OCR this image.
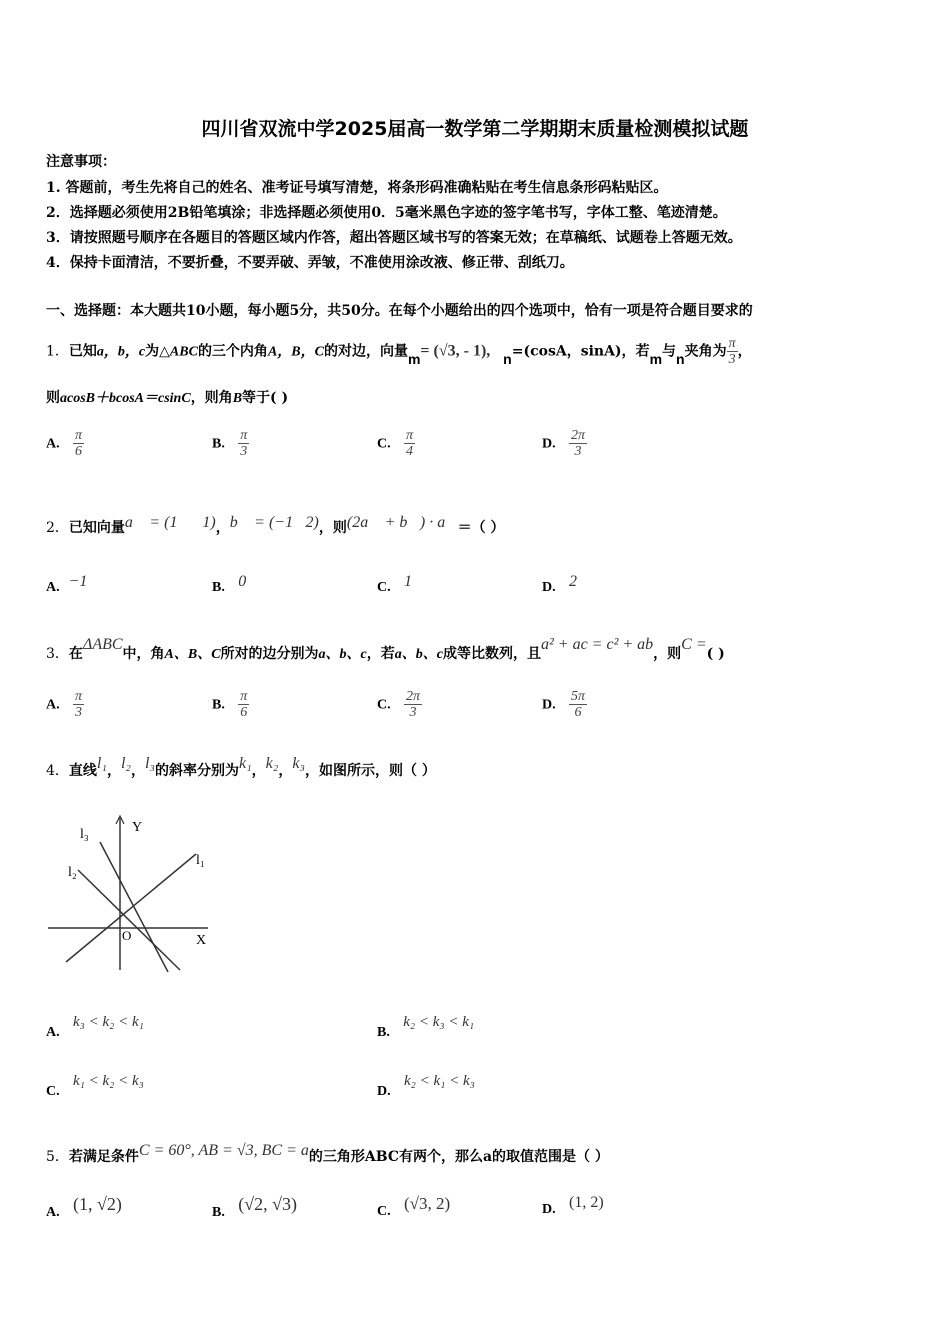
四川省双流中学2025届高一数学第二学期期末质量检测模拟试题
注意事项：
1. 答题前，考生先将自己的姓名、准考证号填写清楚，将条形码准确粘贴在考生信息条形码粘贴区。
2．选择题必须使用2B铅笔填涂；非选择题必须使用0．5毫米黑色字迹的签字笔书写，字体工整、笔迹清楚。
3．请按照题号顺序在各题目的答题区域内作答，超出答题区域书写的答案无效；在草稿纸、试题卷上答题无效。
4．保持卡面清洁，不要折叠，不要弄破、弄皱，不准使用涂改液、修正带、刮纸刀。
一、选择题：本大题共10小题，每小题5分，共50分。在每个小题给出的四个选项中，恰有一项是符合题目要求的
1．已知a，b，c为△ABC的三个内角A，B，C的对边，向量m= (√3, - 1), n=(cosA，sinA)，若m与n夹角为 $\frac{\pi}{3}$ ，
则acosB＋bcosA＝csinC，则角B等于( )
A. $\frac{\pi}{6}$	B. $\frac{\pi}{3}$	C. $\frac{\pi}{4}$	D. $\frac{2\pi}{3}$
2．已知向量a⃗ = (1，－1)，b⃗ = (−1，2)，则(2a⃗ + b⃗) · a⃗＝（ ）
A. −1	B. 0	C. 1	D. 2
3．在ΔABC中，角A、B、C所对的边分别为a、b、c，若a、b、c成等比数列，且a² + ac = c² + ab，则C =( )
A. $\frac{\pi}{3}$	B. $\frac{\pi}{6}$	C. $\frac{2\pi}{3}$	D. $\frac{5\pi}{6}$
4．直线l₁，l₂，l₃的斜率分别为k₁，k₂，k₃，如图所示，则（ ）
Y
X
O
l₁
l₂
l₃
A.   k₃ < k₂ < k₁
B.   k₂ < k₃ < k₁
C.   k₁ < k₂ < k₃
D.   k₂ < k₁ < k₃
5．若满足条件C = 60°, AB = √3, BC = a的三角形ABC有两个，那么a的取值范围是（ ）
A. (1, √2)	B. (√2, √3)	C. (√3, 2)	D. (1, 2)
